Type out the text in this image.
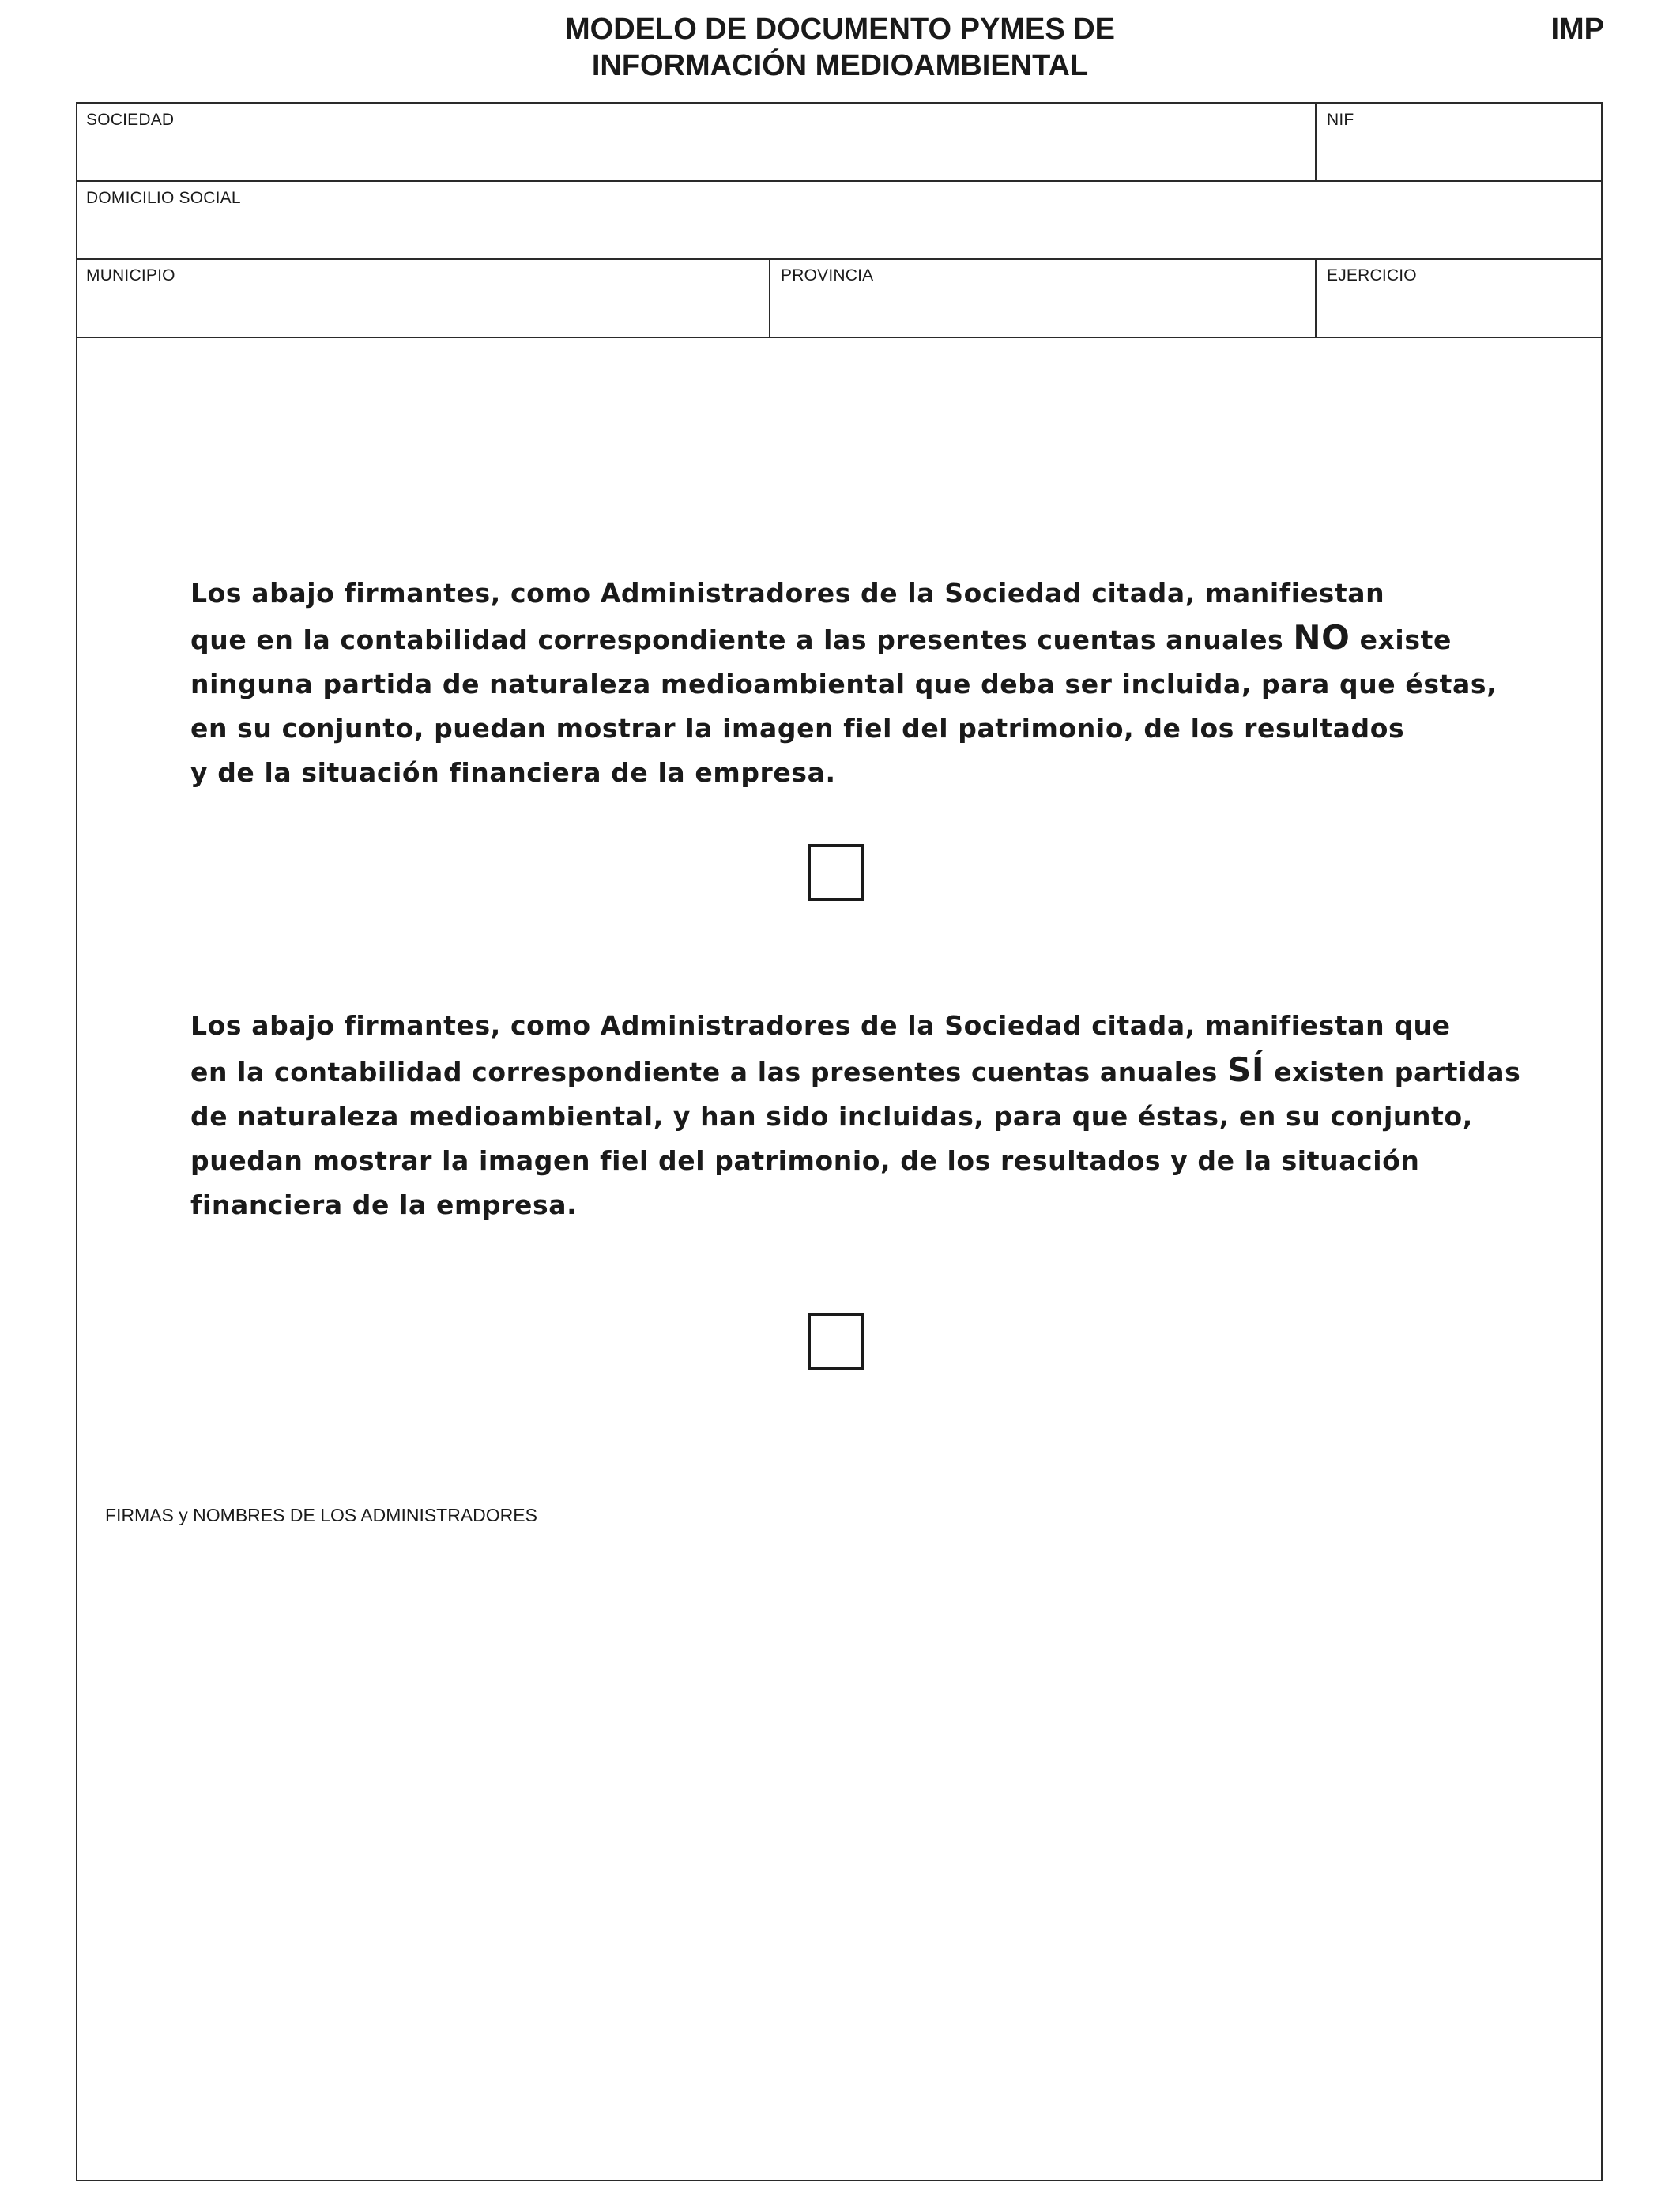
MODELO DE DOCUMENTO PYMES DE
INFORMACIÓN MEDIOAMBIENTAL
IMP
SOCIEDAD	NIF
DOMICILIO SOCIAL
MUNICIPIO	PROVINCIA	EJERCICIO
Los abajo firmantes, como Administradores de la Sociedad citada, manifiestan
que en la contabilidad correspondiente a las presentes cuentas anuales NO existe
ninguna partida de naturaleza medioambiental que deba ser incluida, para que éstas,
en su conjunto, puedan mostrar la imagen fiel del patrimonio, de los resultados
y de la situación financiera de la empresa.
Los abajo firmantes, como Administradores de la Sociedad citada, manifiestan que
en la contabilidad correspondiente a las presentes cuentas anuales SÍ existen partidas
de naturaleza medioambiental, y han sido incluidas, para que éstas, en su conjunto,
puedan mostrar la imagen fiel del patrimonio, de los resultados y de la situación
financiera de la empresa.
FIRMAS y NOMBRES DE LOS ADMINISTRADORES
